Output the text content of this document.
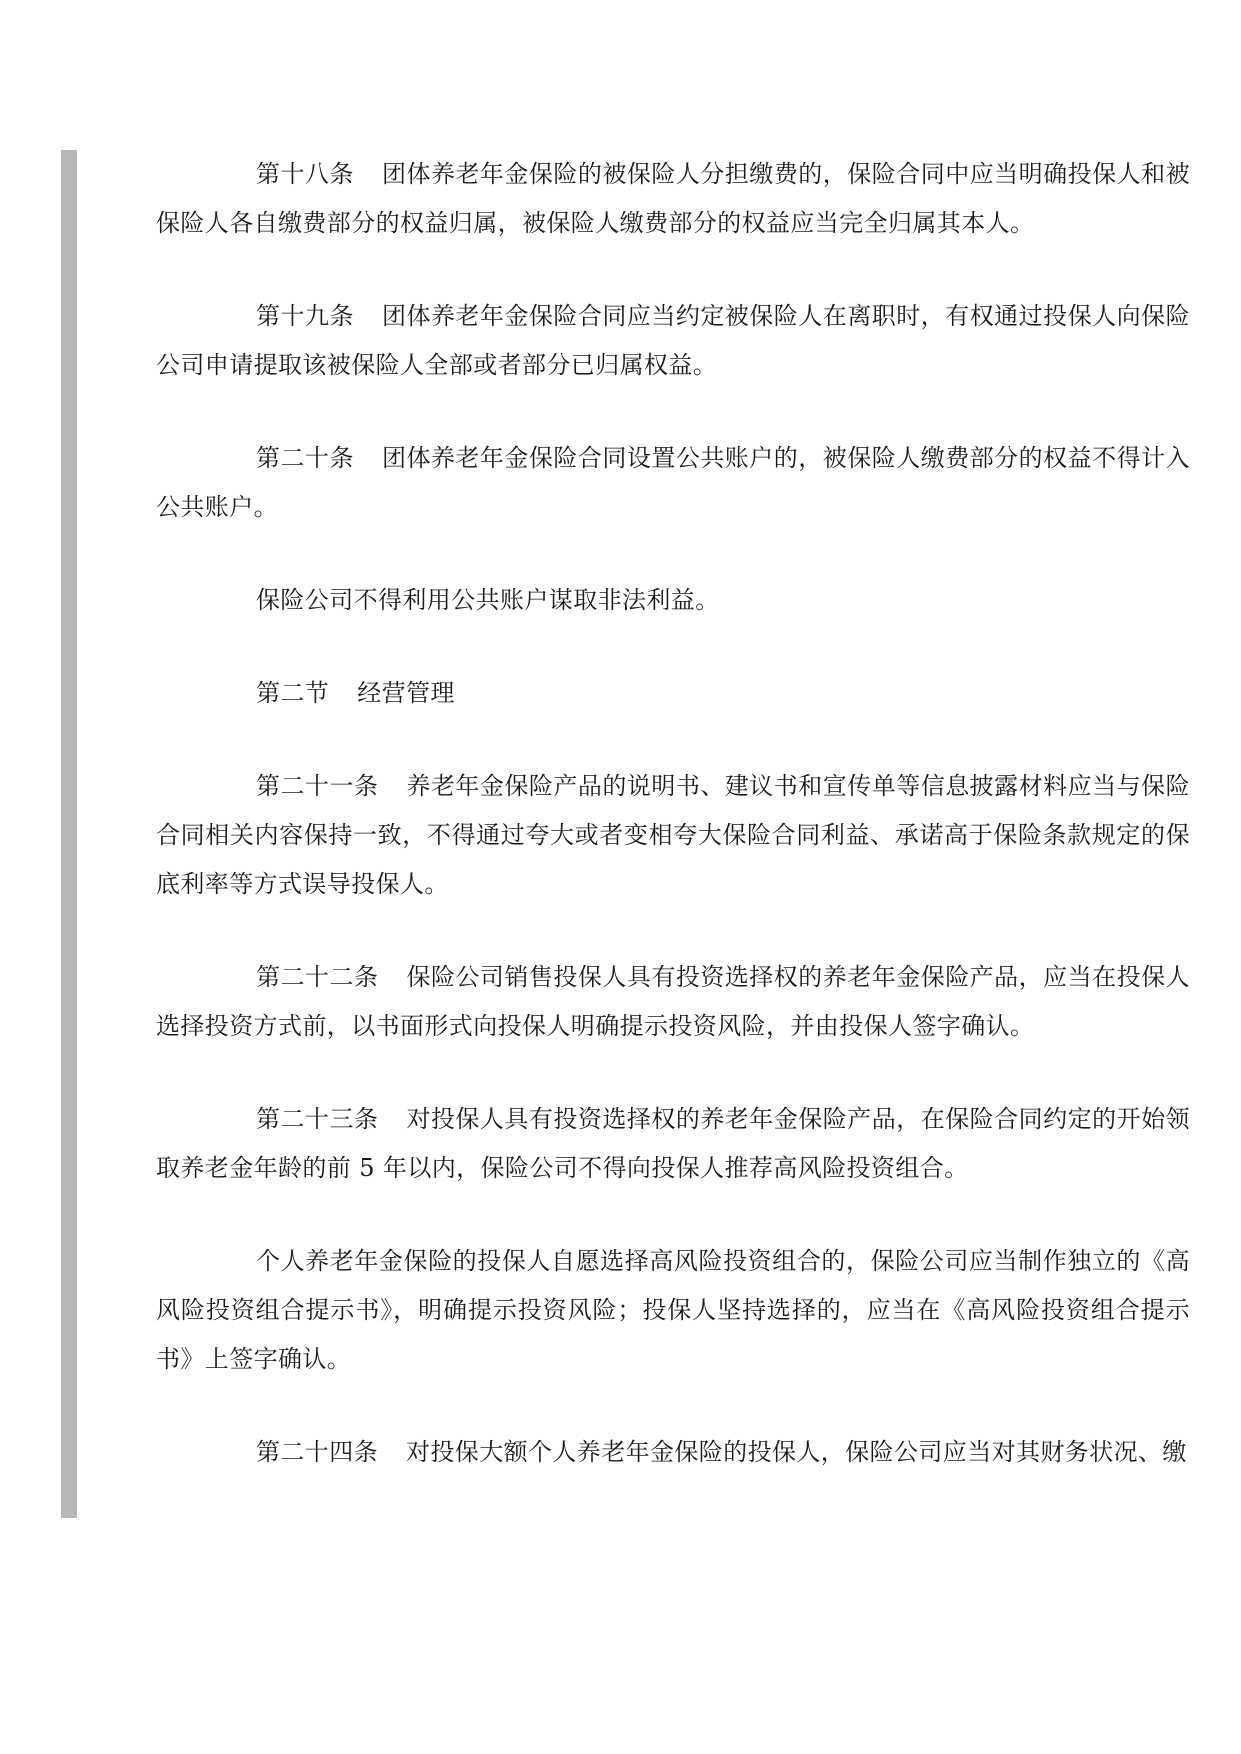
第十八条 团体养老年金保险的被保险人分担缴费的，保险合同中应当明确投保人和被保险人各自缴费部分的权益归属，被保险人缴费部分的权益应当完全归属其本人。

第十九条 团体养老年金保险合同应当约定被保险人在离职时，有权通过投保人向保险公司申请提取该被保险人全部或者部分已归属权益。

第二十条 团体养老年金保险合同设置公共账户的，被保险人缴费部分的权益不得计入公共账户。

保险公司不得利用公共账户谋取非法利益。

第二节 经营管理

第二十一条 养老年金保险产品的说明书、建议书和宣传单等信息披露材料应当与保险合同相关内容保持一致，不得通过夸大或者变相夸大保险合同利益、承诺高于保险条款规定的保底利率等方式误导投保人。

第二十二条 保险公司销售投保人具有投资选择权的养老年金保险产品，应当在投保人选择投资方式前，以书面形式向投保人明确提示投资风险，并由投保人签字确认。

第二十三条 对投保人具有投资选择权的养老年金保险产品，在保险合同约定的开始领取养老金年龄的前 5 年以内，保险公司不得向投保人推荐高风险投资组合。

个人养老年金保险的投保人自愿选择高风险投资组合的，保险公司应当制作独立的《高风险投资组合提示书》，明确提示投资风险；投保人坚持选择的，应当在《高风险投资组合提示书》上签字确认。

第二十四条 对投保大额个人养老年金保险的投保人，保险公司应当对其财务状况、缴
